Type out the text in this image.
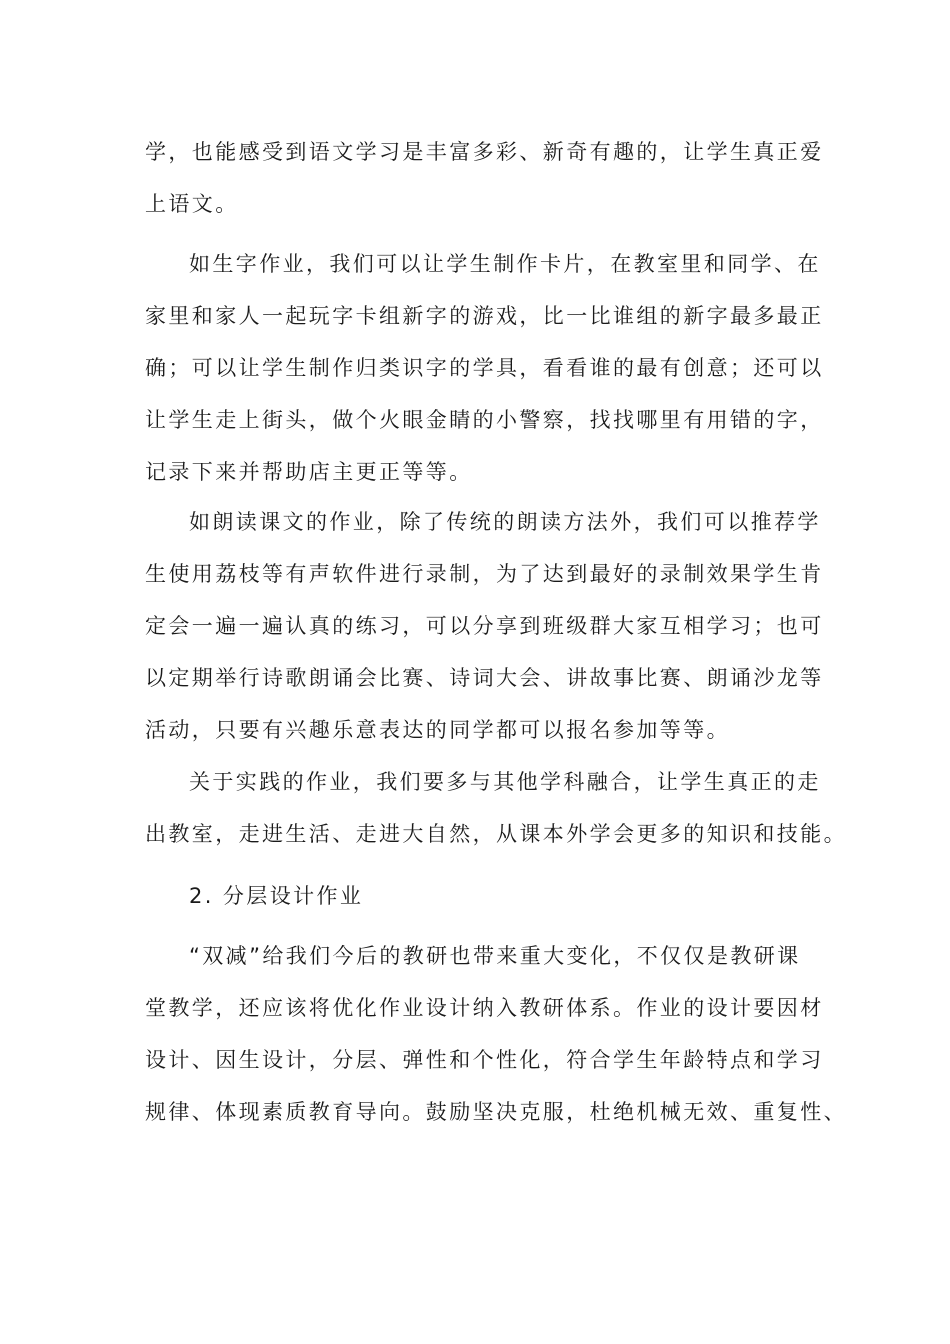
学，也能感受到语文学习是丰富多彩、新奇有趣的，让学生真正爱
上语文。

如生字作业，我们可以让学生制作卡片，在教室里和同学、在
家里和家人一起玩字卡组新字的游戏，比一比谁组的新字最多最正
确；可以让学生制作归类识字的学具，看看谁的最有创意；还可以
让学生走上街头，做个火眼金睛的小警察，找找哪里有用错的字，
记录下来并帮助店主更正等等。

如朗读课文的作业，除了传统的朗读方法外，我们可以推荐学
生使用荔枝等有声软件进行录制，为了达到最好的录制效果学生肯
定会一遍一遍认真的练习，可以分享到班级群大家互相学习；也可
以定期举行诗歌朗诵会比赛、诗词大会、讲故事比赛、朗诵沙龙等
活动，只要有兴趣乐意表达的同学都可以报名参加等等。

关于实践的作业，我们要多与其他学科融合，让学生真正的走
出教室，走进生活、走进大自然，从课本外学会更多的知识和技能。

2. 分层设计作业

“双减”给我们今后的教研也带来重大变化，不仅仅是教研课
堂教学，还应该将优化作业设计纳入教研体系。作业的设计要因材
设计、因生设计，分层、弹性和个性化，符合学生年龄特点和学习
规律、体现素质教育导向。鼓励坚决克服，杜绝机械无效、重复性、
